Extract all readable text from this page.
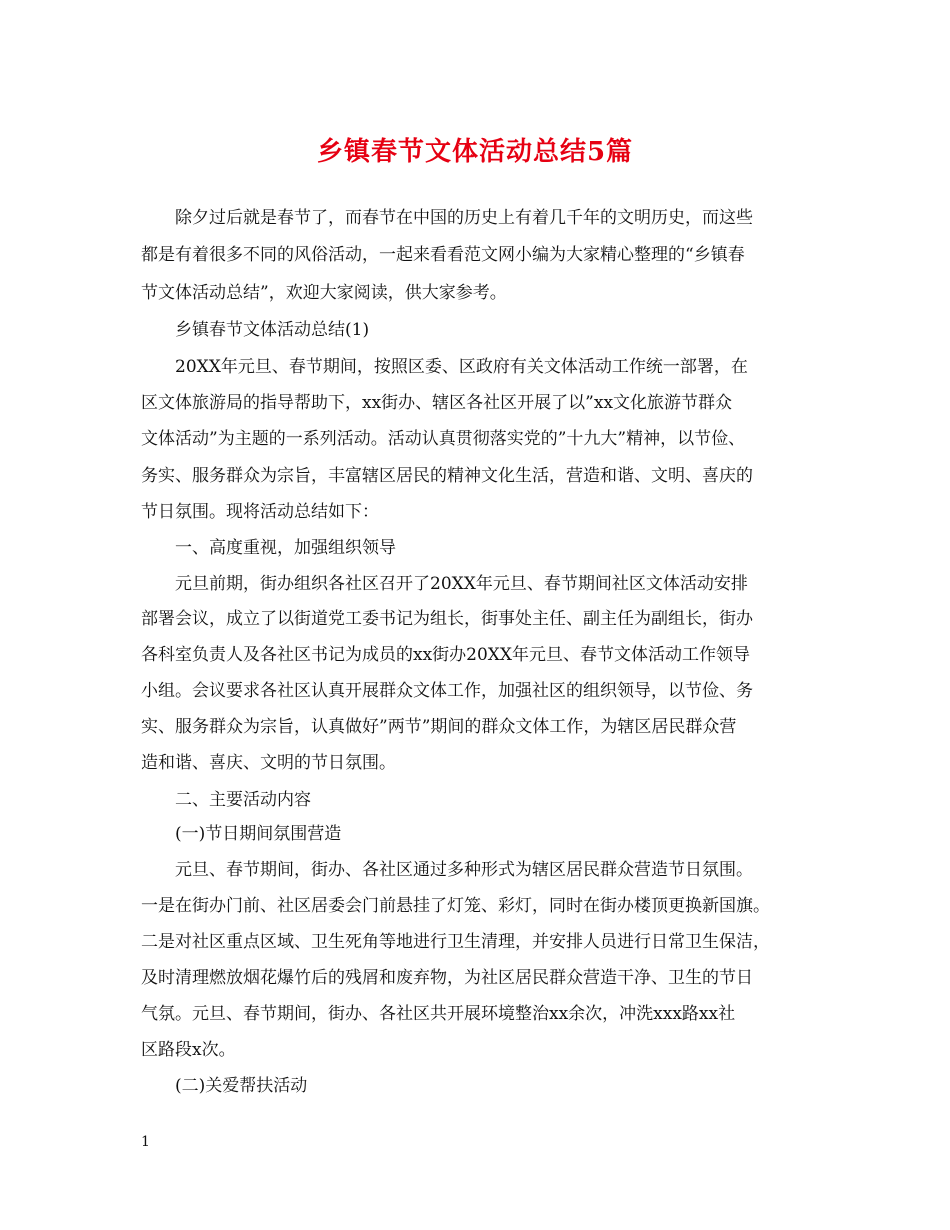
乡镇春节文体活动总结5篇

除夕过后就是春节了，而春节在中国的历史上有着几千年的文明历史，而这些

都是有着很多不同的风俗活动，一起来看看范文网小编为大家精心整理的“乡镇春

节文体活动总结”，欢迎大家阅读，供大家参考。

乡镇春节文体活动总结(1)

20XX年元旦、春节期间，按照区委、区政府有关文体活动工作统一部署，在

区文体旅游局的指导帮助下，xx街办、辖区各社区开展了以”xx文化旅游节群众

文体活动”为主题的一系列活动。活动认真贯彻落实党的”十九大”精神，以节俭、

务实、服务群众为宗旨，丰富辖区居民的精神文化生活，营造和谐、文明、喜庆的

节日氛围。现将活动总结如下：

一、高度重视，加强组织领导

元旦前期，街办组织各社区召开了20XX年元旦、春节期间社区文体活动安排

部署会议，成立了以街道党工委书记为组长，街事处主任、副主任为副组长，街办

各科室负责人及各社区书记为成员的xx街办20XX年元旦、春节文体活动工作领导

小组。会议要求各社区认真开展群众文体工作，加强社区的组织领导，以节俭、务

实、服务群众为宗旨，认真做好”两节”期间的群众文体工作，为辖区居民群众营

造和谐、喜庆、文明的节日氛围。

二、主要活动内容

(一)节日期间氛围营造

元旦、春节期间，街办、各社区通过多种形式为辖区居民群众营造节日氛围。

一是在街办门前、社区居委会门前悬挂了灯笼、彩灯，同时在街办楼顶更换新国旗。

二是对社区重点区域、卫生死角等地进行卫生清理，并安排人员进行日常卫生保洁，

及时清理燃放烟花爆竹后的残屑和废弃物，为社区居民群众营造干净、卫生的节日

气氛。元旦、春节期间，街办、各社区共开展环境整治xx余次，冲洗xxx路xx社

区路段x次。

(二)关爱帮扶活动

1
